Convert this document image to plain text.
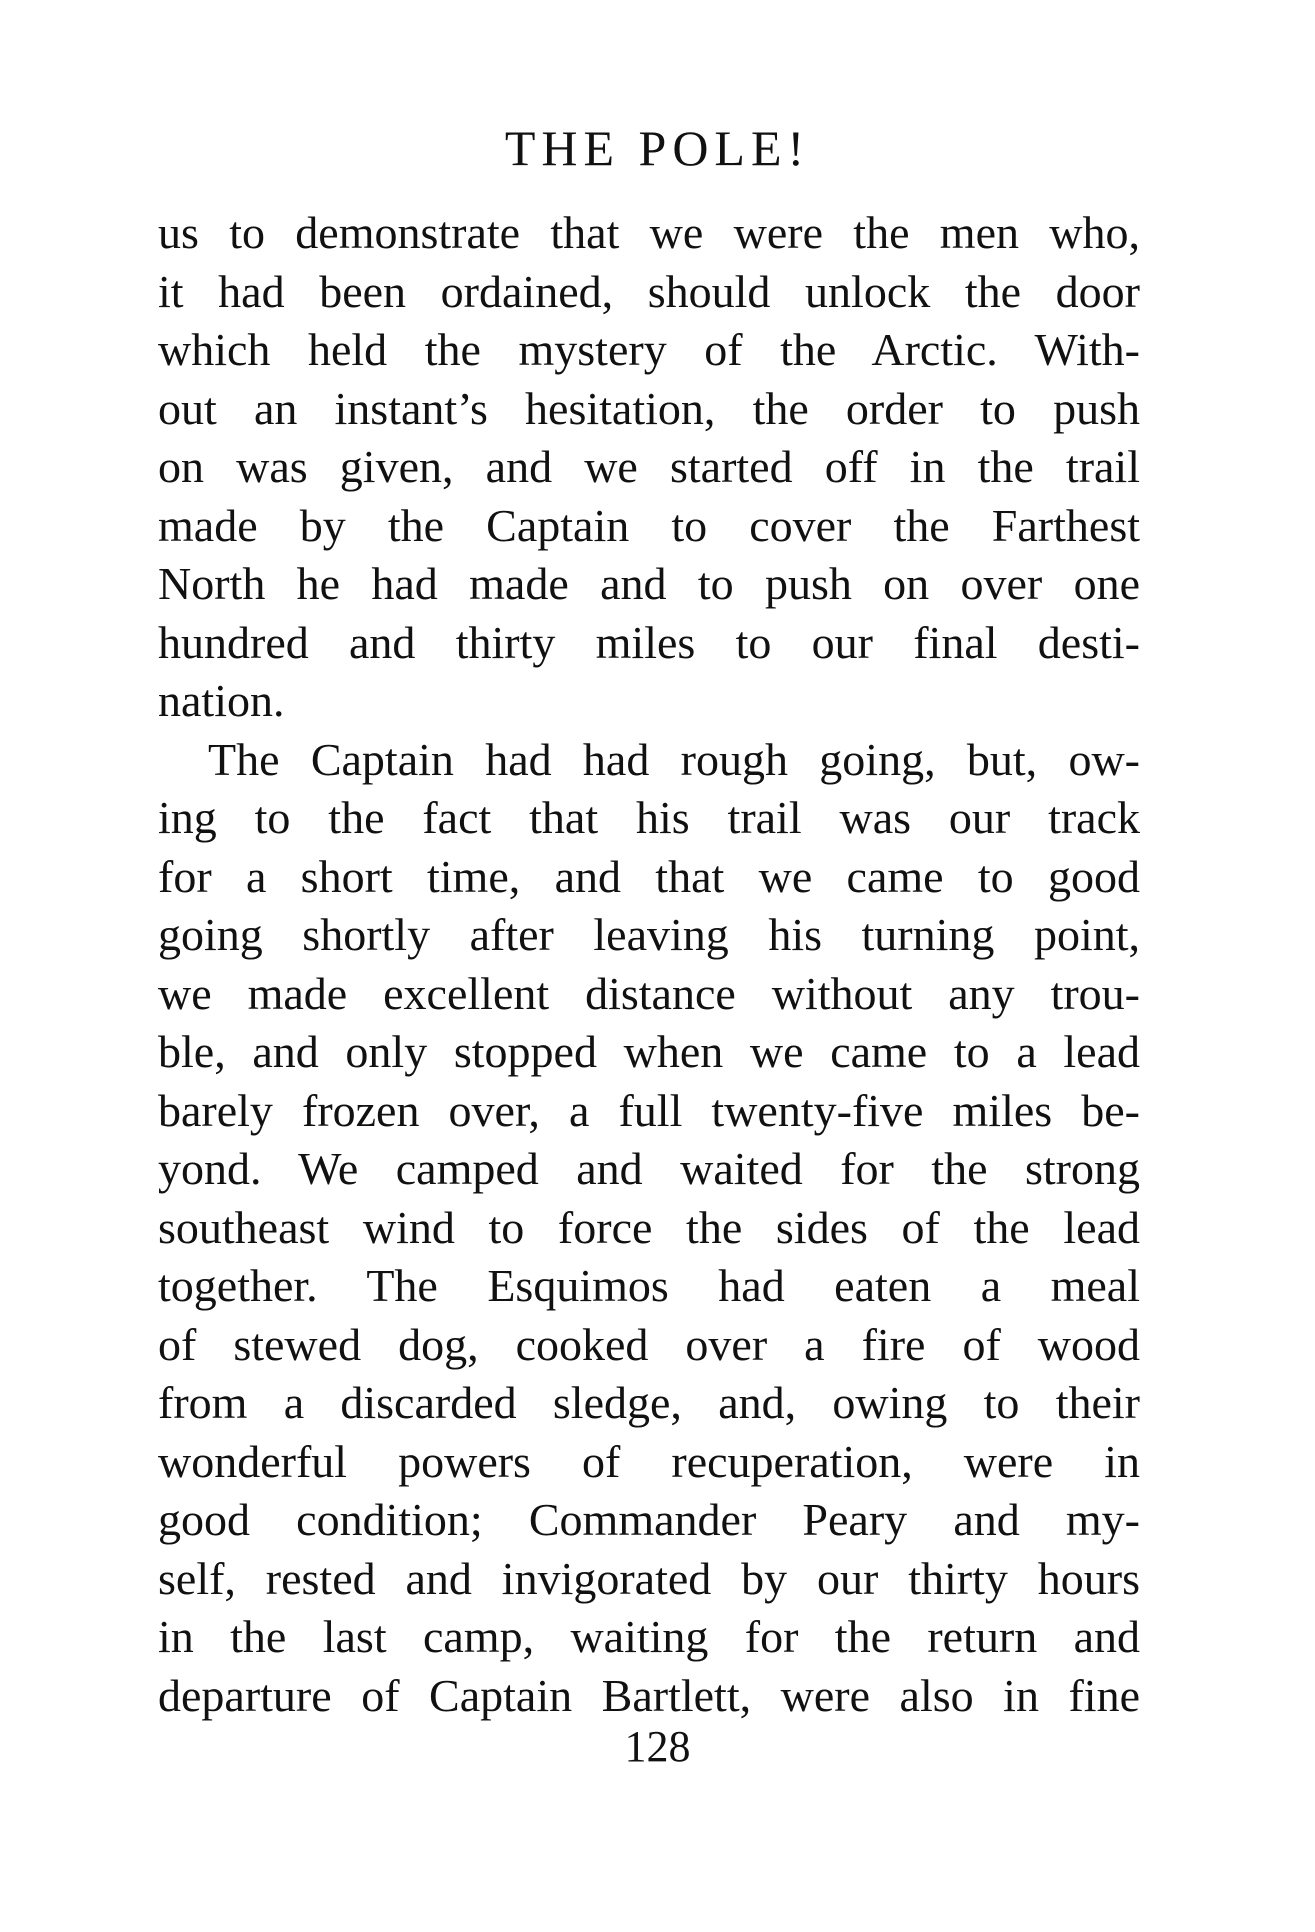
THE POLE!
us to demonstrate that we were the men who,
it had been ordained, should unlock the door
which held the mystery of the Arctic. With-
out an instant’s hesitation, the order to push
on was given, and we started off in the trail
made by the Captain to cover the Farthest
North he had made and to push on over one
hundred and thirty miles to our final desti-
nation.
The Captain had had rough going, but, ow-
ing to the fact that his trail was our track
for a short time, and that we came to good
going shortly after leaving his turning point,
we made excellent distance without any trou-
ble, and only stopped when we came to a lead
barely frozen over, a full twenty-five miles be-
yond. We camped and waited for the strong
southeast wind to force the sides of the lead
together. The Esquimos had eaten a meal
of stewed dog, cooked over a fire of wood
from a discarded sledge, and, owing to their
wonderful powers of recuperation, were in
good condition; Commander Peary and my-
self, rested and invigorated by our thirty hours
in the last camp, waiting for the return and
departure of Captain Bartlett, were also in fine
128
